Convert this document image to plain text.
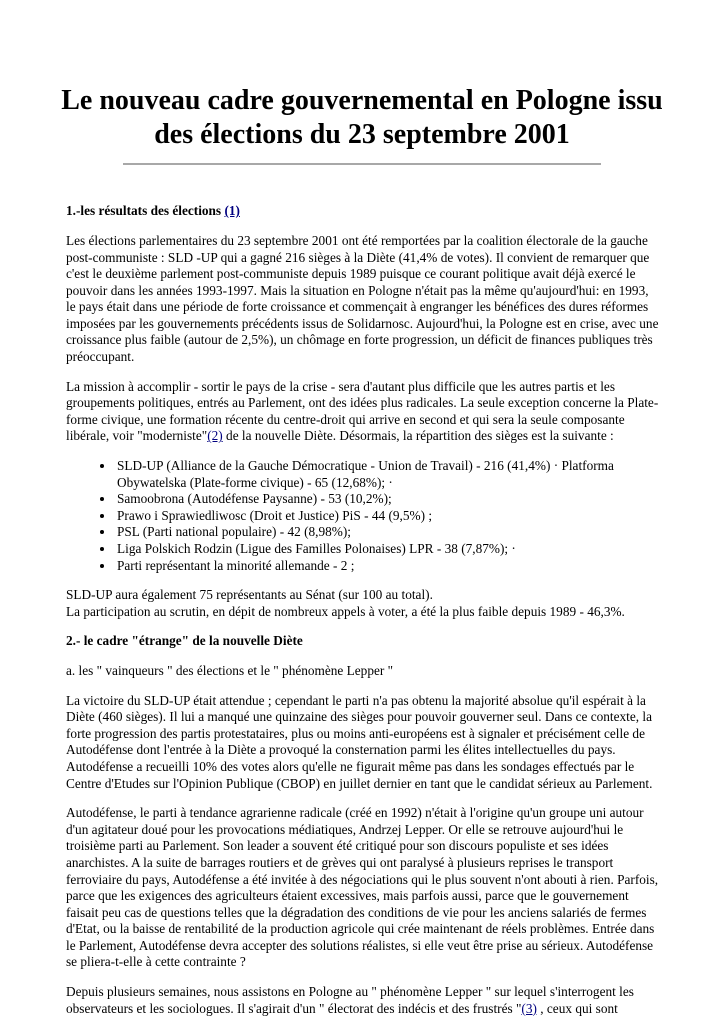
Le nouveau cadre gouvernemental en Pologne issu des élections du 23 septembre 2001

1.-les résultats des élections (1)

Les élections parlementaires du 23 septembre 2001 ont été remportées par la coalition électorale de la gauche post-communiste : SLD -UP qui a gagné 216 sièges à la Diète (41,4% de votes). Il convient de remarquer que c'est le deuxième parlement post-communiste depuis 1989 puisque ce courant politique avait déjà exercé le pouvoir dans les années 1993-1997. Mais la situation en Pologne n'était pas la même qu'aujourd'hui: en 1993, le pays était dans une période de forte croissance et commençait à engranger les bénéfices des dures réformes imposées par les gouvernements précédents issus de Solidarnosc. Aujourd'hui, la Pologne est en crise, avec une croissance plus faible (autour de 2,5%), un chômage en forte progression, un déficit de finances publiques très préoccupant.

La mission à accomplir - sortir le pays de la crise - sera d'autant plus difficile que les autres partis et les groupements politiques, entrés au Parlement, ont des idées plus radicales. La seule exception concerne la Plate-forme civique, une formation récente du centre-droit qui arrive en second et qui sera la seule composante libérale, voir "moderniste"(2) de la nouvelle Diète. Désormais, la répartition des sièges est la suivante :

• SLD-UP (Alliance de la Gauche Démocratique - Union de Travail) - 216 (41,4%) · Platforma Obywatelska (Plate-forme civique) - 65 (12,68%); ·
• Samoobrona (Autodéfense Paysanne) - 53 (10,2%);
• Prawo i Sprawiedliwosc (Droit et Justice) PiS - 44 (9,5%) ;
• PSL (Parti national populaire) - 42 (8,98%);
• Liga Polskich Rodzin (Ligue des Familles Polonaises) LPR - 38 (7,87%); ·
• Parti représentant la minorité allemande - 2 ;

SLD-UP aura également 75 représentants au Sénat (sur 100 au total).
La participation au scrutin, en dépit de nombreux appels à voter, a été la plus faible depuis 1989 - 46,3%.

2.- le cadre "étrange" de la nouvelle Diète

a. les " vainqueurs " des élections et le " phénomène Lepper "

La victoire du SLD-UP était attendue ; cependant le parti n'a pas obtenu la majorité absolue qu'il espérait à la Diète (460 sièges). Il lui a manqué une quinzaine des sièges pour pouvoir gouverner seul. Dans ce contexte, la forte progression des partis protestataires, plus ou moins anti-européens est à signaler et précisément celle de Autodéfense dont l'entrée à la Diète a provoqué la consternation parmi les élites intellectuelles du pays. Autodéfense a recueilli 10% des votes alors qu'elle ne figurait même pas dans les sondages effectués par le Centre d'Etudes sur l'Opinion Publique (CBOP) en juillet dernier en tant que le candidat sérieux au Parlement.

Autodéfense, le parti à tendance agrarienne radicale (créé en 1992) n'était à l'origine qu'un groupe uni autour d'un agitateur doué pour les provocations médiatiques, Andrzej Lepper. Or elle se retrouve aujourd'hui le troisième parti au Parlement. Son leader a souvent été critiqué pour son discours populiste et ses idées anarchistes. A la suite de barrages routiers et de grèves qui ont paralysé à plusieurs reprises le transport ferroviaire du pays, Autodéfense a été invitée à des négociations qui le plus souvent n'ont abouti à rien. Parfois, parce que les exigences des agriculteurs étaient excessives, mais parfois aussi, parce que le gouvernement faisait peu cas de questions telles que la dégradation des conditions de vie pour les anciens salariés de fermes d'Etat, ou la baisse de rentabilité de la production agricole qui crée maintenant de réels problèmes. Entrée dans le Parlement, Autodéfense devra accepter des solutions réalistes, si elle veut être prise au sérieux. Autodéfense se pliera-t-elle à cette contrainte ?

Depuis plusieurs semaines, nous assistons en Pologne au " phénomène Lepper " sur lequel s'interrogent les observateurs et les sociologues. Il s'agirait d'un " électorat des indécis et des frustrés "(3) , ceux qui sont
